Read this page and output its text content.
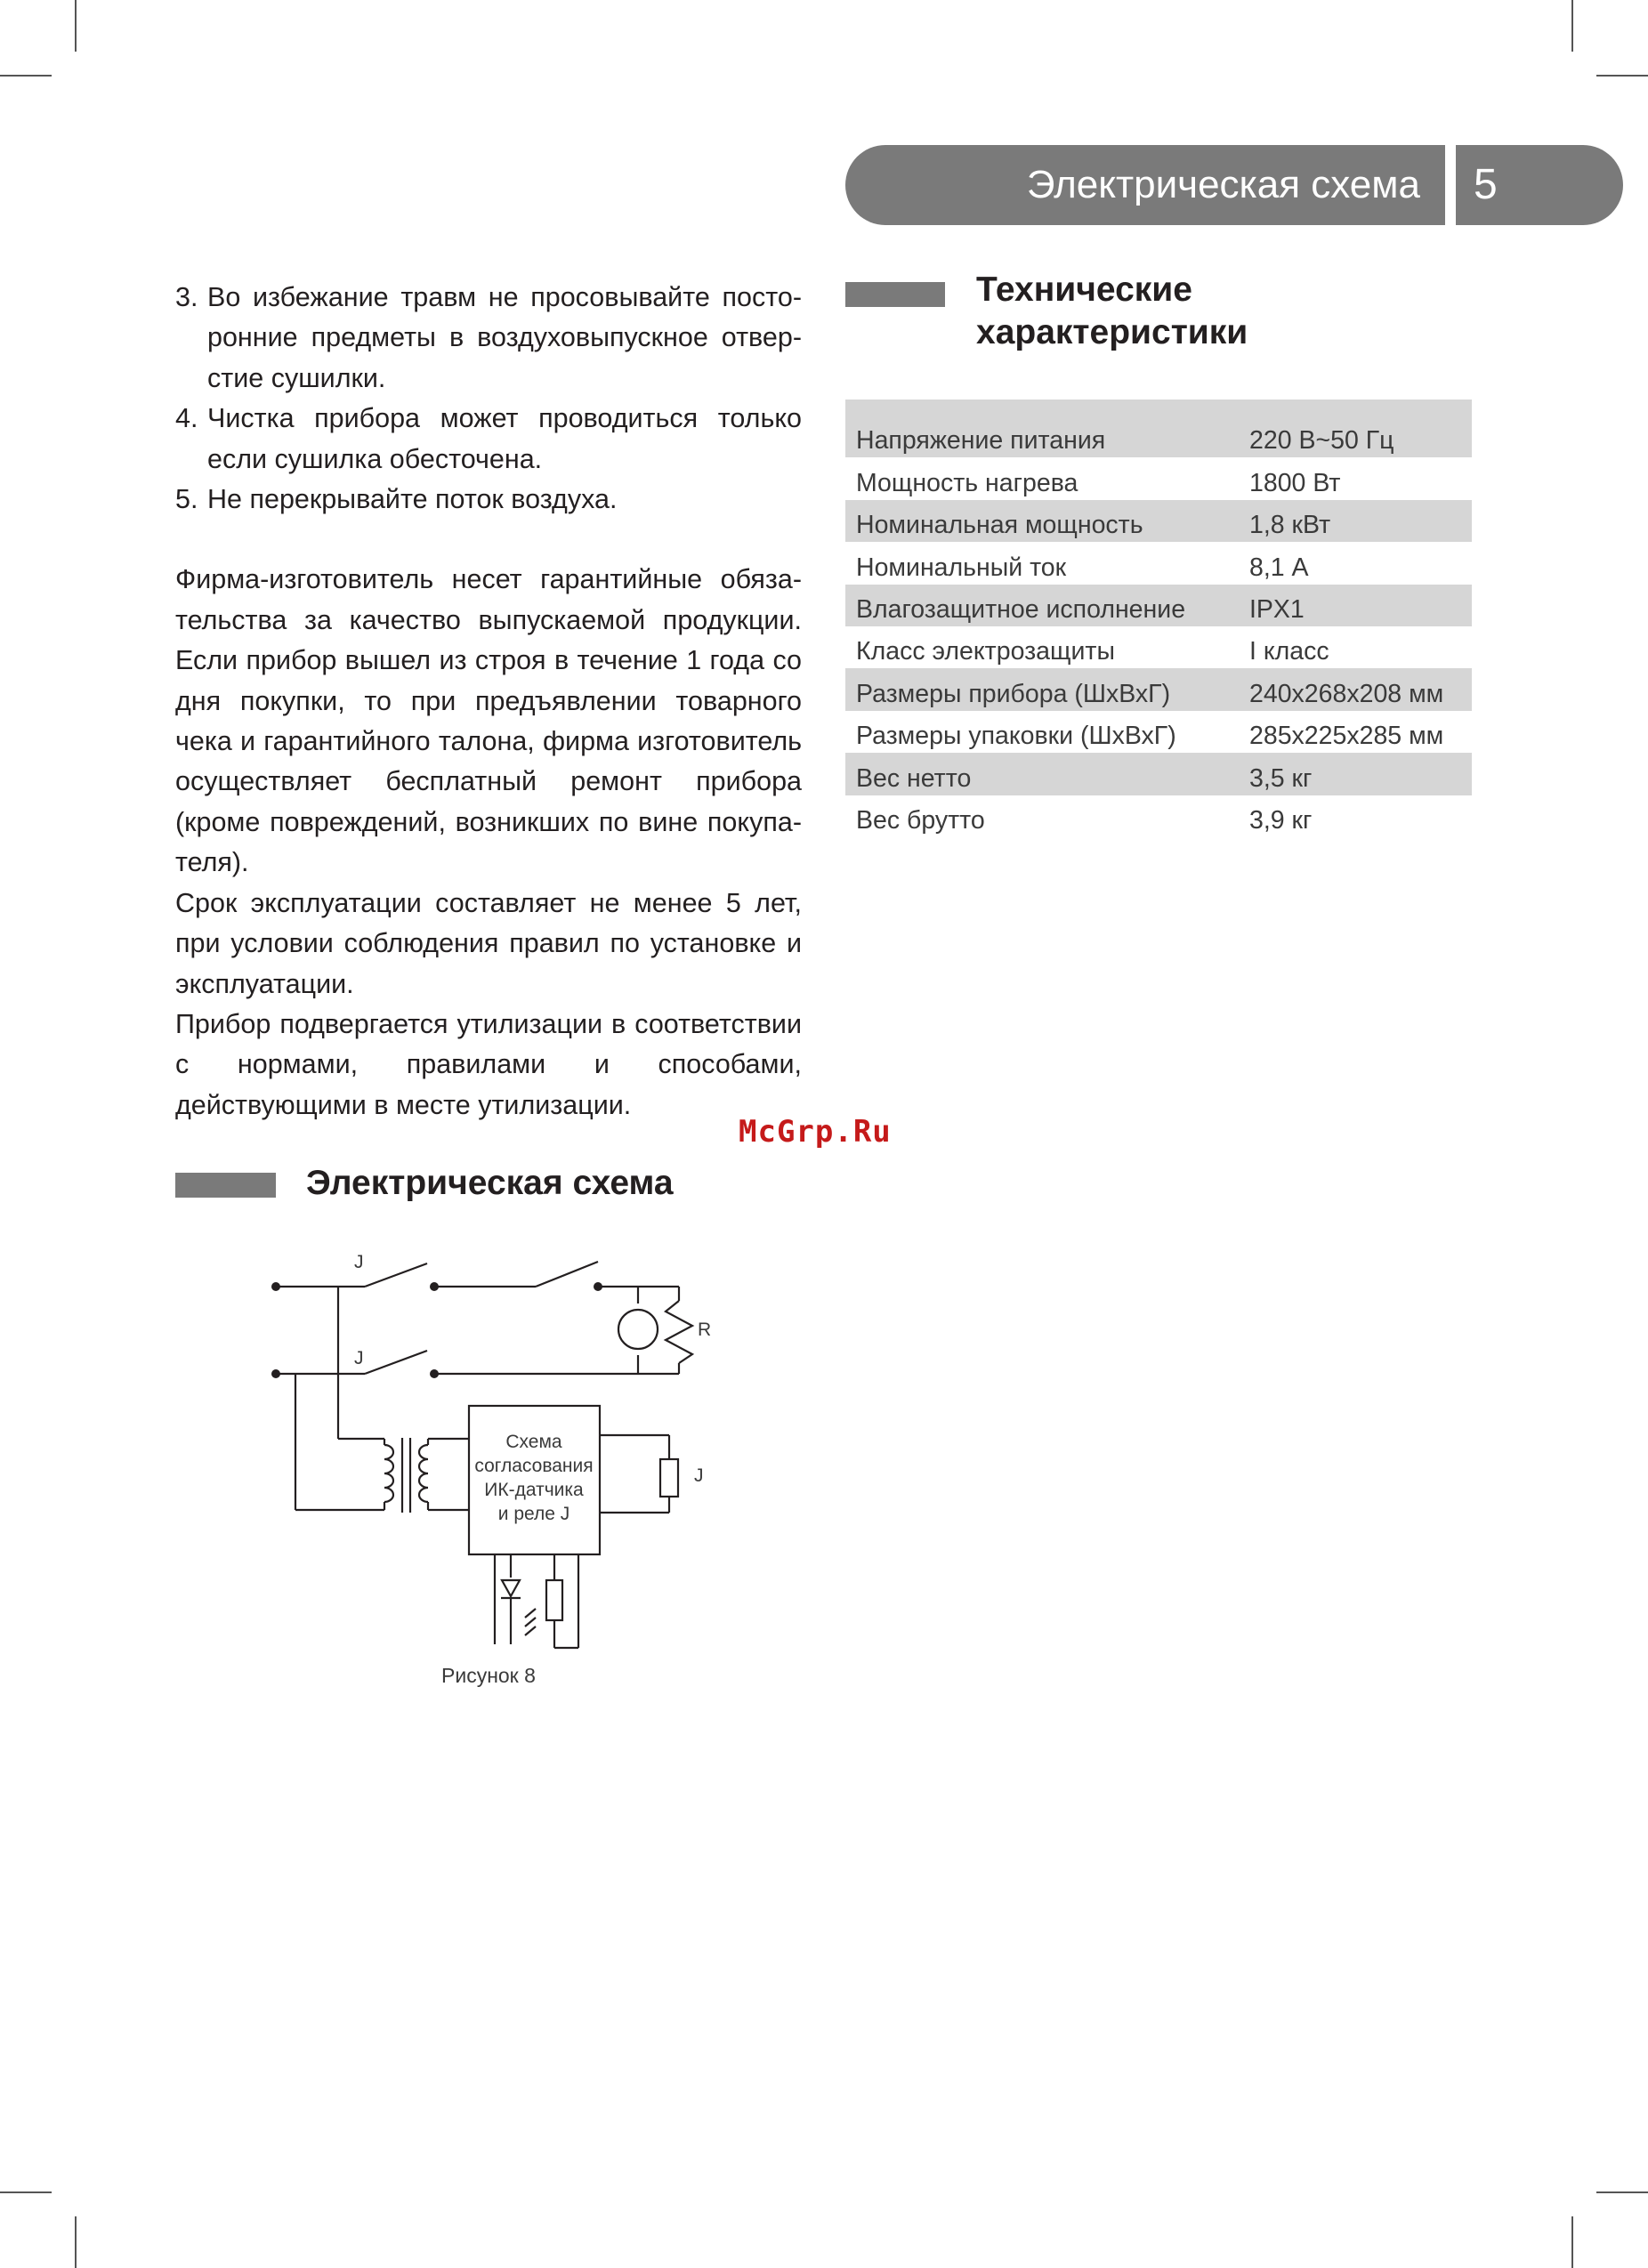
Электрическая схема	5
3. Во избежание травм не просовывайте посторонние предметы в воздуховыпускное отверстие сушилки.
4. Чистка прибора может проводиться только если сушилка обесточена.
5. Не перекрывайте поток воздуха.

Фирма-изготовитель несет гарантийные обязательства за качество выпускаемой продукции. Если прибор вышел из строя в течение 1 года со дня покупки, то при предъявлении товарного чека и гарантийного талона, фирма изготовитель осуществляет бесплатный ремонт прибора (кроме повреждений, возникших по вине покупателя).

Срок эксплуатации составляет не менее 5 лет, при условии соблюдения правил по установке и эксплуатации.

Прибор подвергается утилизации в соответствии с нормами, правилами и способами, действующими в месте утилизации.

McGrp.Ru
Технические
характеристики

Напряжение питания	220 В~50 Гц
Мощность нагрева	1800 Вт
Номинальная мощность	1,8 кВт
Номинальный ток	8,1 А
Влагозащитное исполнение	IPX1
Класс электрозащиты	I класс
Размеры прибора (ШхВхГ)	240х268х208 мм
Размеры упаковки (ШхВхГ)	285х225х285 мм
Вес нетто	3,5 кг
Вес брутто	3,9 кг
Электрическая схема
J
J
R
J
Схема
согласования
ИК-датчика
и реле J
Рисунок 8
